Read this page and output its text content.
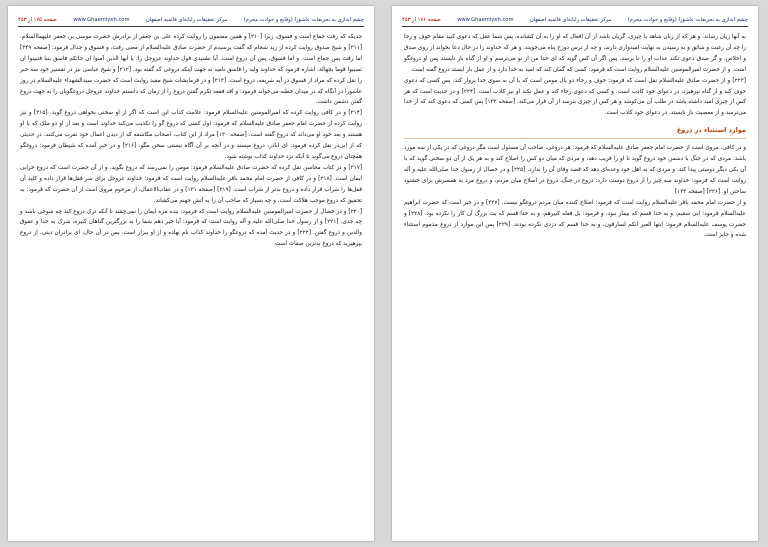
چشم اندازی به تحریفات عاشورا (وقایع و حوادث محرم)
مرکز تحقیقات رایانه‌ای قائمیه اصفهان
www.Ghaemiyeh.com
صفحه ۱۷۵ از ۴۵۳

جدیکه که رفت جماع است و فسوق، زیرا [۲۱۰] و همین مضمون را روایت کرده علی بن جعفر از برادرش حضرت موسی بن جعفر علیهماالسلام. [۲۱۱] و شیخ صدوق روایت کرده از زید شحام که گفت پرسیدم از حضرت صادق علیه‌السلام از معنی رفث، و فسوق و جدال فرمود: [صفحه ۲۴۹] اما رفث پس جماع است. و اما فسوق، پس آن دروغ است. آیا نشنیدی قول خداوند عزوجل را: یا ایها الذین آمنوا ان جائکم فاسق بنبا فتبینوا ان تصیبوا قوما بجهالة. اشاره فرمود که خداوند ولید را فاسق نامید به جهت اینکه دروغی که گفته بود. [۲۱۲] و شیخ عباسی نیز در تفسیر خود سه خبر را نقل کرده که مراد از فسوق در آیه شریفه، دروغ است. [۲۱۳] و در فرمایشات شیخ مفید روایت است که حضرت سیدالشهداء علیه‌السلام در روز عاشورا در آنگاه که در میدان خطبه می‌خواند فرمود: و اقد فقعد تکرم گفتن دروغ را از زمان که دانستم خداوند عزوجل دروغگویان را به جهت دروغ گفتن دشمن داشت.

[۲۱۴] و در کافی روایت کرده که امیرالمومنین علیه‌السلام فرمود: علامت کذاب این است که اگر از او سخنی بخواهی دروغ گوید. [۲۱۵] و نیز روایت کرده از حضرت امام جعفر صادق علیه‌السلام که فرمود: اول کسی که دروغ گو را تکذیب می‌کند خداوند است و بعد از او دو ملک که با او هستند و بعد خود او می‌داند که دروغ گفته است. [صفحه ۱۳۰] مراد از این کتاب، اصحاب مکاشفه که از دیدن اعمال خود نفرت می‌کنند. در حدیثی که از ابی‌ذر نقل کرده فرمود: ای اباذر، دروغ مپسند و در آنچه بر آن آگاه نیستی سخن مگو. [۲۱۶] و در خبر آمده که شیطان فرمود: دروغگو همچنان دروغ می‌گوید تا آنکه نزد خداوند کذاب نوشته شود.

[۲۱۷] و در کتاب محاسن نقل کرده که حضرت صادق علیه‌السلام فرمود: مومن را نمی‌رسد که دروغ بگوید. و از آن حضرت است که دروغ خرابی ایمان است. [۲۱۸] و در کافی از حضرت امام محمد باقر علیه‌السلام روایت است که فرمود: خداوند عزوجل برای شر قفل‌ها قرار داده و کلید آن قفل‌ها را شراب قرار داده و دروغ بدتر از شراب است. [۲۱۹] [صفحه ۱۳۱] و در عقاب‌الاعمال، از مرحوم مروی است از آن حضرت که فرمود: به تحقیق که دروغ موجب هلاکت است. و چه بسیار که صاحب آن را به آتش جهنم می‌کشاند.

[۲۲۰] و در خصال از حضرت امیرالمومنین علیه‌السلام روایت است که فرمود: بنده مزه ایمان را نمی‌چشد تا آنکه ترک دروغ کند چه شوخی باشد و چه جدی. [۲۲۱] و از رسول خدا صلی‌الله علیه و آله روایت است که فرمود: آیا خبر دهم شما را به بزرگترین گناهان کبیره، شرک به خدا و عقوق والدین و دروغ گفتن. [۲۲۲] و در حدیث آمده که دروغگو را خداوند کذاب نام نهاده و از او بیزار است. پس در آن حال، ای برادران دینی، از دروغ بپرهیزید که دروغ بدترین صفات است.

چشم اندازی به تحریفات عاشورا (وقایع و حوادث محرم)
مرکز تحقیقات رایانه‌ای قائمیه اصفهان
www.Ghaemiyeh.com
صفحه ۱۷۶ از ۴۵۳

به آنها زیان رساند. و هر که از زبان شاهد یا چیزی، گریان باشد از آن افعال که او را به آن کشانده، پس شما عقل که دعوی کنید مقام خوف و رجا را چه آن رغبت و شائق و به رسیدن به نهایت امیدواری دارند، و چه از ترس دوزخ پناه می‌جویند. و هر که خداوند را در حال دعا بخواند از روی صدق و اخلاص، و گر صدق دعوی نکند عذاب او را تا برسد. پس اگر آن کس گوید که ای خدا من از تو می‌ترسم و او از گناه باز نایستد پس او دروغگو است. و از حضرت امیرالمومنین علیه‌السلام روایت است که فرمود: کسی که گمان کند که امید به خدا دارد و از عمل باز ایستد دروغ گفته است.

[۲۲۳] و از حضرت صادق علیه‌السلام نقل است که فرمود: خوف و رجاء دو بال مومن است که با آن به سوی خدا پرواز کند. پس کسی که دعوی خوف کند و از گناه نپرهیزد، در دعوای خود کاذب است. و کسی که دعوی رجاء کند و عمل نکند او نیز کاذب است. [۲۲۴] و در حدیث است که هر کس از چیزی امید داشته باشد در طلب آن می‌کوشد و هر کس از چیزی بترسد از آن فرار می‌کند. [صفحه ۱۳۲] پس کسی که دعوی کند که از خدا می‌ترسد و از معصیت باز نایستد، در دعوای خود کاذب است.

موارد استثناء در دروغ

و در کافی، مروی است از حضرت امام جعفر صادق علیه‌السلام که فرمود: هر دروغی، صاحب آن مسئول است مگر دروغی که در یکی از سه مورد باشد: مردی که در جنگ با دشمن خود دروغ گوید تا او را فریب دهد، و مردی که میان دو کس را اصلاح کند و به هر یک از آن دو سخنی گوید که با آن یکی دیگر دوستی پیدا کند، و مردی که به اهل خود وعده‌ای دهد که قصد وفای آن را ندارد. [۲۲۵] و در خصال از رسول خدا صلی‌الله علیه و آله روایت است که فرمود: خداوند سه چیز را از دروغ دوست دارد: دروغ در جنگ، دروغ در اصلاح میان مردم، و دروغ مرد به همسرش برای خشنود ساختن او. [۲۲۶] [صفحه ۱۳۳]

و از حضرت امام محمد باقر علیه‌السلام روایت است که فرمود: اصلاح کننده میان مردم دروغگو نیست. [۲۲۷] و در خبر است که حضرت ابراهیم علیه‌السلام فرمود: انی سقیم، و به خدا قسم که بیمار نبود، و فرمود: بل فعله کبیرهم، و به خدا قسم که بت بزرگ آن کار را نکرده بود. [۲۲۸] و حضرت یوسف علیه‌السلام فرمود: ایتها العیر انکم لسارقون، و به خدا قسم که دزدی نکرده بودند. [۲۲۹] پس این موارد از دروغ مذموم استثناء شده و جایز است.
